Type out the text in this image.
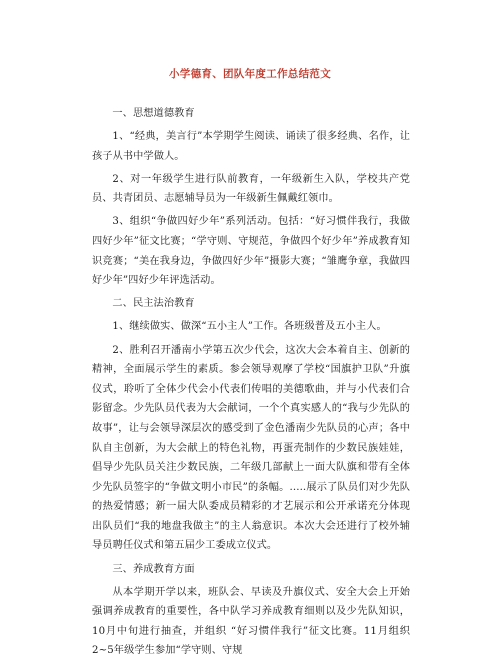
小学德育、团队年度工作总结范文

一、思想道德教育

1、“经典，美言行”本学期学生阅读、诵读了很多经典、名作，让孩子从书中学做人。

2、对一年级学生进行队前教育，一年级新生入队，学校共产党员、共青团员、志愿辅导员为一年级新生佩戴红领巾。

3、组织“争做四好少年”系列活动。包括：“好习惯伴我行，我做四好少年”征文比赛；“学守则、守规范，争做四个好少年”养成教育知识竞赛；“美在我身边，争做四好少年”摄影大赛；“雏鹰争章，我做四好少年”四好少年评选活动。

二、民主法治教育

1、继续做实、做深“五小主人”工作。各班级普及五小主人。

2、胜利召开潘南小学第五次少代会，这次大会本着自主、创新的精神，全面展示学生的素质。参会领导观摩了学校“国旗护卫队”升旗仪式，聆听了全体少代会小代表们传唱的美德歌曲，并与小代表们合影留念。少先队员代表为大会献词，一个个真实感人的“我与少先队的故事”，让与会领导深层次的感受到了金色潘南少先队员的心声；各中队自主创新，为大会献上的特色礼物，再蛋壳制作的少数民族娃娃，倡导少先队员关注少数民族，二年级几部献上一面大队旗和带有全体少先队员签字的“争做文明小市民”的条幅。.....展示了队员们对少先队的热爱情感；新一届大队委成员精彩的才艺展示和公开承诺充分体现出队员们“我的地盘我做主”的主人翁意识。本次大会还进行了校外辅导员聘任仪式和第五届少工委成立仪式。

三、养成教育方面

从本学期开学以来，班队会、早读及升旗仪式、安全大会上开始强调养成教育的重要性，各中队学习养成教育细则以及少先队知识，10月中旬进行抽查，并组织 “好习惯伴我行”征文比赛。11月组织2~5年级学生参加“学守则、守规
